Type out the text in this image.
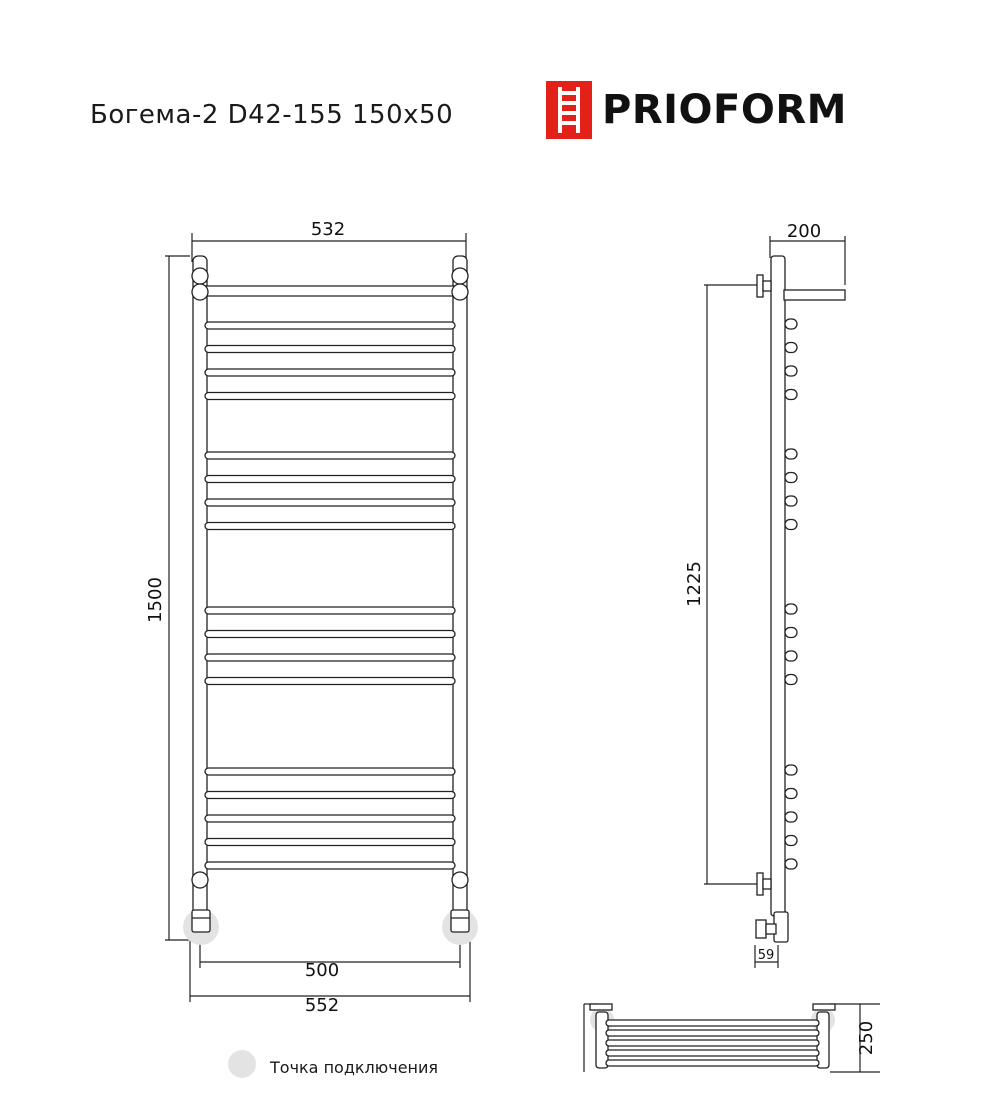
Богема-2 D42-155 150x50	PRIOFORM
532
1500
500
552
200
1225
59
250
Точка подключения
